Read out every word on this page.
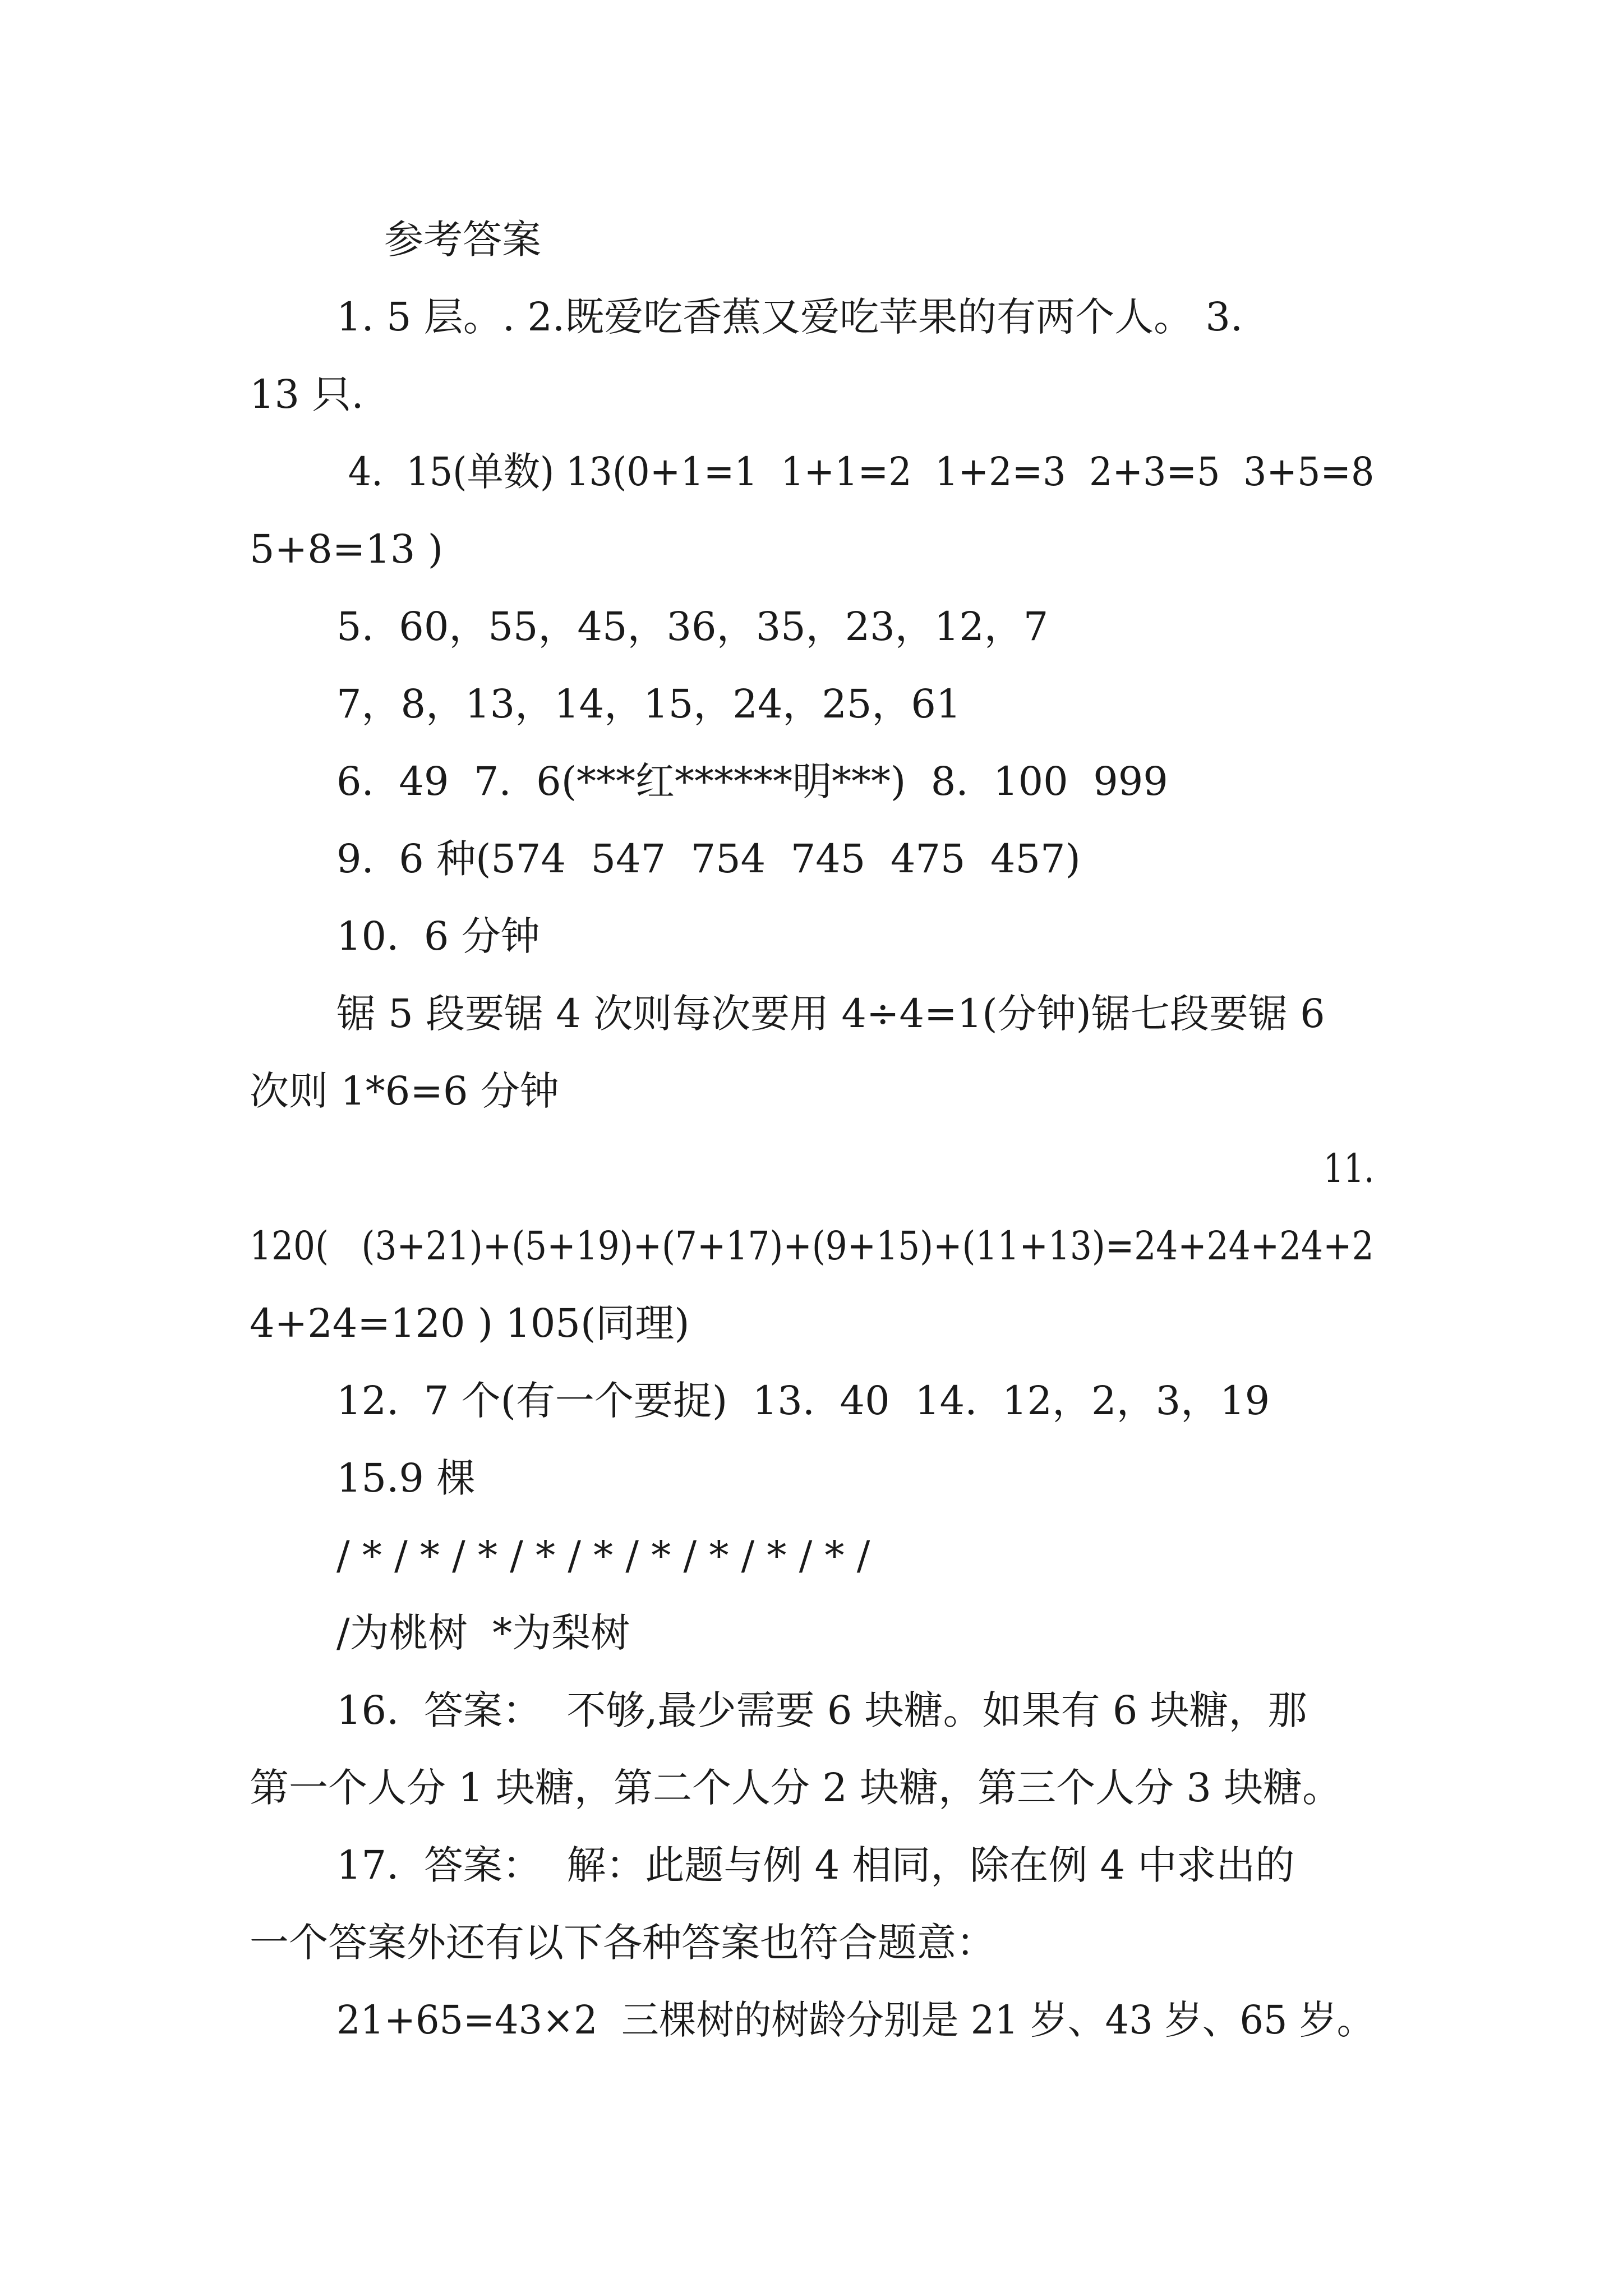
参考答案

1. 5 层。. 2.既爱吃香蕉又爱吃苹果的有两个人。 3.

13 只.

4.  15(单数) 13(0+1=1  1+1=2  1+2=3  2+3=5  3+5=8

5+8=13 )

5.  60，55，45，36，35，23，12，7

7，8，13，14，15，24，25，61

6.  49  7.  6(***红******明***)  8.  100  999

9.  6 种(574  547  754  745  475  457)

10.  6 分钟

锯 5 段要锯 4 次则每次要用 4÷4=1(分钟)锯七段要锯 6

次则 1*6=6 分钟

11.

120(   (3+21)+(5+19)+(7+17)+(9+15)+(11+13)=24+24+24+2

4+24=120 ) 105(同理)

12.  7 个(有一个要捉)  13.  40  14.  12，2，3，19

15.9 棵

/ * / * / * / * / * / * / * / * / * /

/为桃树  *为梨树

16.  答案：  不够,最少需要 6 块糖。如果有 6 块糖，那

第一个人分 1 块糖，第二个人分 2 块糖，第三个人分 3 块糖。

17.  答案：  解：此题与例 4 相同，除在例 4 中求出的

一个答案外还有以下各种答案也符合题意：

21+65=43×2  三棵树的树龄分别是 21 岁、43 岁、65 岁。
